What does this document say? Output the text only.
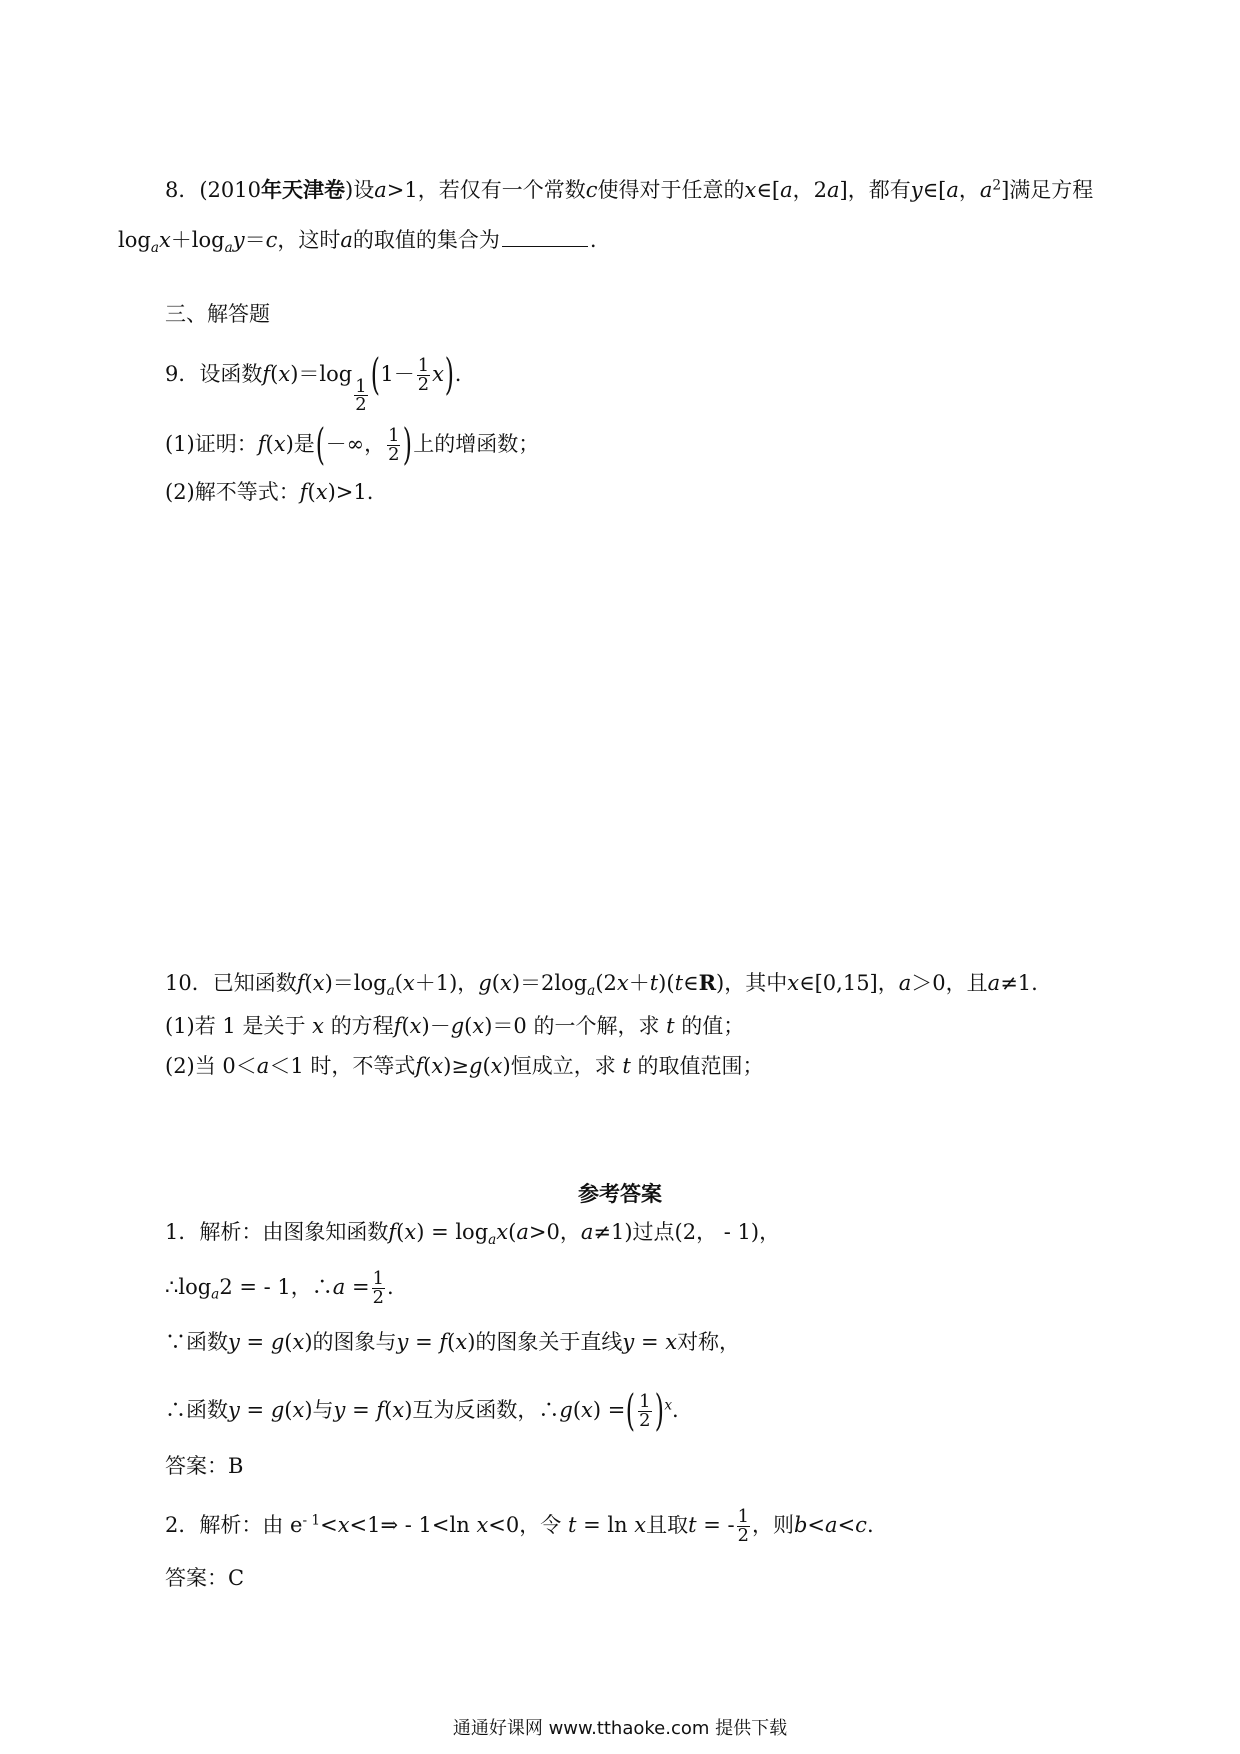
8．(2010年天津卷)设a>1，若仅有一个常数c使得对于任意的x∈[a，2a]，都有y∈[a，$a^2$]满足方程
$\log_ax+\log_ay=c$，这时a的取值的集合为	.
三、解答题
9．设函数f(x)＝log
$\frac{1}{2} (1- \frac{1}{2} x)$.
(1)证明：f(x)是(－∞， $\frac{1}{2}$ )上的增函数；
(2)解不等式：f(x)>1.
10．已知函数$f(x)=\log_a(x+1)$，$g(x)=2\log_a(2x+t)(t\in R)$，其中x∈[0,15]，a＞0，且a≠1.
(1)若 1 是关于 x 的方程f(x)－g(x)＝0 的一个解，求 t 的值；
(2)当 0＜a＜1 时，不等式f(x)≥g(x)恒成立，求 t 的取值范围；
参考答案
1．解析：由图象知函数$f(x) = \log_ax(a>0$，a≠1)过点(2， - 1)，
$\therefore\log_a2$ = - 1，∴a = $\frac{1}{2}$ .
∵函数y = g(x)的图象与y = f(x)的图象关于直线y = x对称，
∴函数y = g(x)与y = f(x)互为反函数，∴g(x) =( $\frac{1}{2} )^x$.
答案：B
2．解析：由 $e^{- 1}<x<1\Rightarrow - 1<\ln$ x<0，令 t = ln x且取t = - $\frac{1}{2}$ ，则b<a<c.
答案：C
通通好课网 www.tthaoke.com 提供下载
